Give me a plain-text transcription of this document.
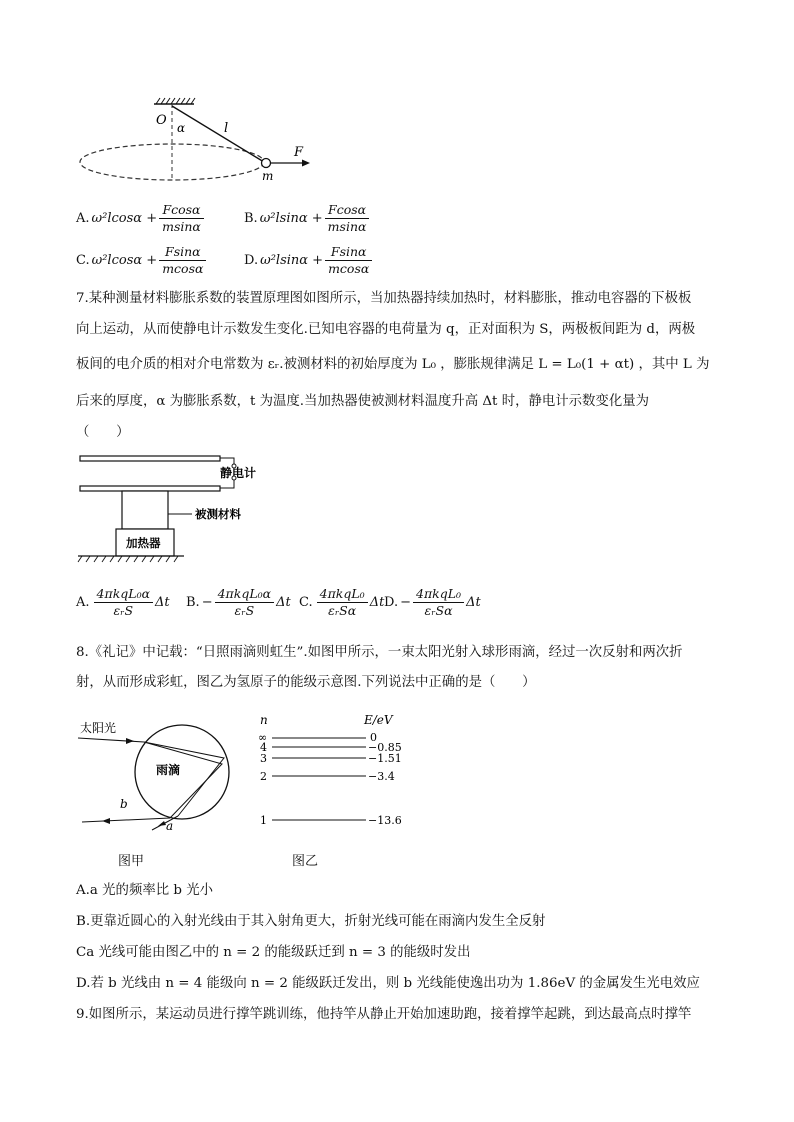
O α	l
F
m
A. $\omega^2lcos\alpha + \frac{Fcos\alpha}{msin\alpha}$	B. $\omega^2lsin\alpha + \frac{Fcos\alpha}{msin\alpha}$
C. $\omega^2lcos\alpha + \frac{Fsin\alpha}{mcos\alpha}$	D. $\omega^2lsin\alpha + \frac{Fsin\alpha}{mcos\alpha}$
7.某种测量材料膨胀系数的装置原理图如图所示，当加热器持续加热时，材料膨胀，推动电容器的下极板
向上运动，从而使静电计示数发生变化.已知电容器的电荷量为 q，正对面积为 S，两极板间距为 d，两极
板间的电介质的相对介电常数为 εᵣ.被测材料的初始厚度为 L₀ ，膨胀规律满足 L = L₀(1 + αt) ，其中 L 为
后来的厚度，α 为膨胀系数，t 为温度.当加热器使被测材料温度升高 Δt 时，静电计示数变化量为
（　　）
静电计
被测材料
加热器
A. $\frac{\text{4πkqL₀α}}{\text{εᵣS}}$ Δt B. − $\frac{\text{4πkqL₀α}}{\text{εᵣS}}$ Δt C. $\frac{\text{4πkqL₀}}{\text{εᵣSα}}$ Δt D. − $\frac{\text{4πkqL₀}}{\text{εᵣSα}}$ Δt
8.《礼记》中记载：“日照雨滴则虹生”.如图甲所示，一束太阳光射入球形雨滴，经过一次反射和两次折
射，从而形成彩虹，图乙为氢原子的能级示意图.下列说法中正确的是（　　）
太阳光
雨滴
b
a
图甲
n	E/eV
∞	0
4	−0.85
3	−1.51
2	−3.4
1	−13.6
图乙
A.a 光的频率比 b 光小
B.更靠近圆心的入射光线由于其入射角更大，折射光线可能在雨滴内发生全反射
Ca 光线可能由图乙中的 n = 2 的能级跃迁到 n = 3 的能级时发出
D.若 b 光线由 n = 4 能级向 n = 2 能级跃迁发出，则 b 光线能使逸出功为 1.86eV 的金属发生光电效应
9.如图所示，某运动员进行撑竿跳训练，他持竿从静止开始加速助跑，接着撑竿起跳，到达最高点时撑竿
